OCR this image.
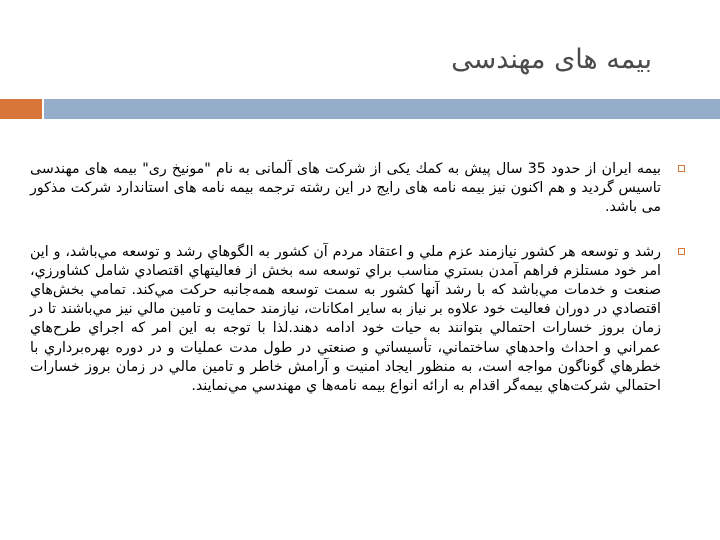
بیمه های مهندسی
بيمه ايران از حدود 35 سال پيش به كمك يكی از شركت های آلمانی به نام "مونيخ ری" بيمه های مهندسی تاسيس گرديد و هم اكنون نيز بيمه نامه های رايج در اين رشته ترجمه بيمه نامه های استاندارد شركت مذكور می باشد.
رشد و توسعه هر كشور نيازمند عزم ملي و اعتقاد مردم آن كشور به الگوهاي رشد و توسعه مي‌باشد، و اين امر خود مستلزم فراهم آمدن بستري مناسب براي توسعه سه بخش از فعاليتهاي اقتصادي شامل كشاورزي، صنعت و خدمات مي‌باشد كه با رشد آنها كشور به سمت توسعه همه‌جانبه حركت مي‌كند. تمامي بخش‌هاي اقتصادي در دوران فعاليت خود علاوه بر نياز به ساير امكانات، نيازمند حمايت و تامين مالي نيز مي‌باشند تا در زمان بروز خسارات احتمالي بتوانند به حيات خود ادامه دهند.لذا با توجه به اين امر كه اجراي طرح‌هاي عمراني و احداث واحدهاي ساختماني، تأسيساتي و صنعتي در طول مدت عمليات و در دوره بهره‌برداري با خطرهاي گوناگون مواجه است، به منظور ايجاد امنيت و آرامش خاطر و تامين مالي در زمان بروز خسارات احتمالي شركت‌هاي بيمه‌گر اقدام به ارائه انواع بيمه نامه‌ها ي مهندسي مي‌نمايند.
